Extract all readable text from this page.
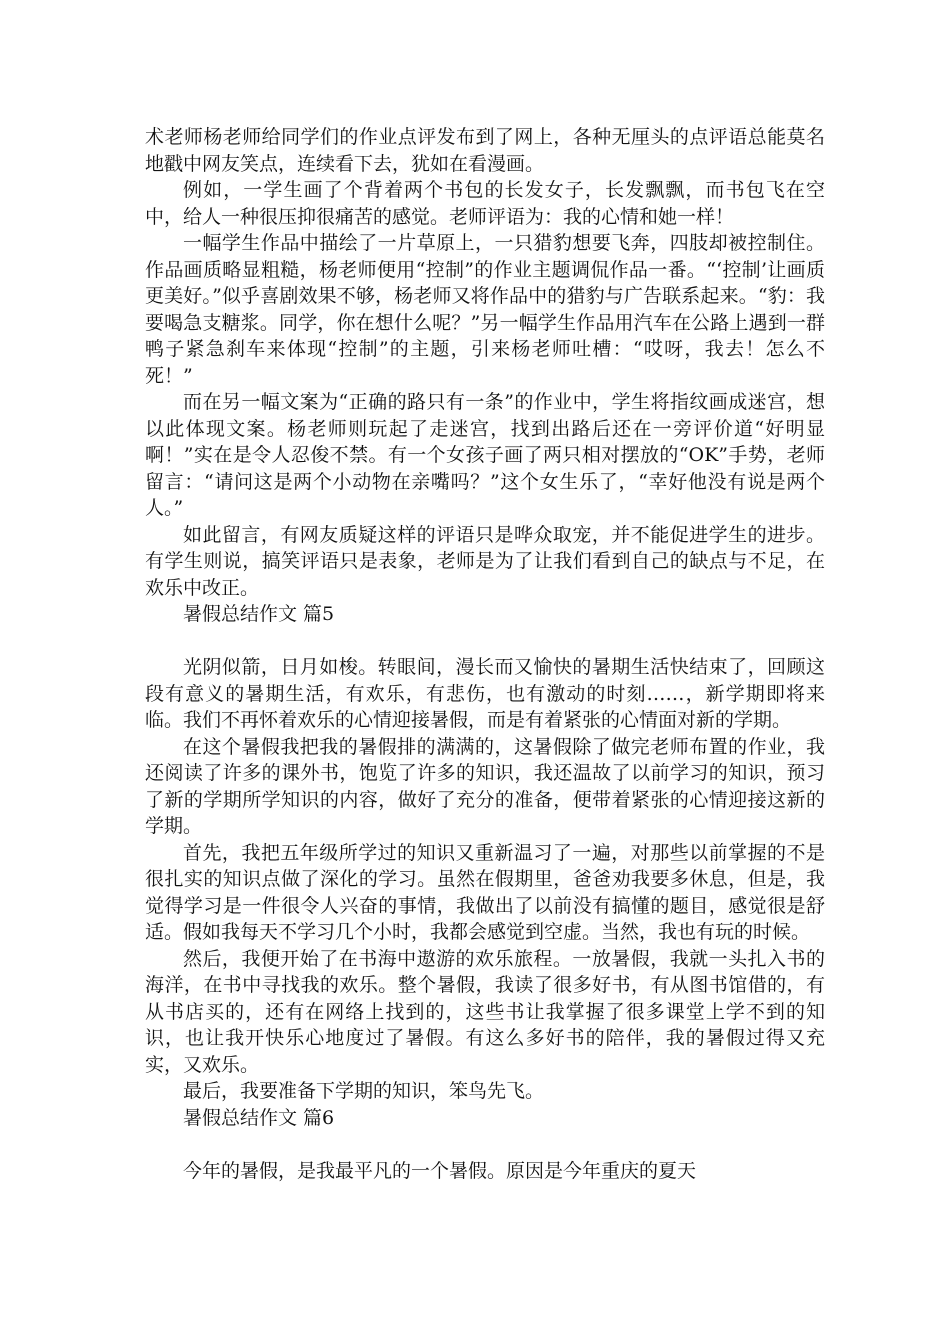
术老师杨老师给同学们的作业点评发布到了网上，各种无厘头的点评语总能莫名地戳中网友笑点，连续看下去，犹如在看漫画。

例如，一学生画了个背着两个书包的长发女子，长发飘飘，而书包飞在空中，给人一种很压抑很痛苦的感觉。老师评语为：我的心情和她一样！

一幅学生作品中描绘了一片草原上，一只猎豹想要飞奔，四肢却被控制住。作品画质略显粗糙，杨老师便用“控制”的作业主题调侃作品一番。“‘控制’让画质更美好。”似乎喜剧效果不够，杨老师又将作品中的猎豹与广告联系起来。“豹：我要喝急支糖浆。同学，你在想什么呢？”另一幅学生作品用汽车在公路上遇到一群鸭子紧急刹车来体现“控制”的主题，引来杨老师吐槽：“哎呀，我去！怎么不死！”

而在另一幅文案为“正确的路只有一条”的作业中，学生将指纹画成迷宫，想以此体现文案。杨老师则玩起了走迷宫，找到出路后还在一旁评价道“好明显啊！”实在是令人忍俊不禁。有一个女孩子画了两只相对摆放的“OK”手势，老师留言：“请问这是两个小动物在亲嘴吗？”这个女生乐了，“幸好他没有说是两个人。”

如此留言，有网友质疑这样的评语只是哗众取宠，并不能促进学生的进步。有学生则说，搞笑评语只是表象，老师是为了让我们看到自己的缺点与不足，在欢乐中改正。

暑假总结作文 篇5

光阴似箭，日月如梭。转眼间，漫长而又愉快的暑期生活快结束了，回顾这段有意义的暑期生活，有欢乐，有悲伤，也有激动的时刻……，新学期即将来临。我们不再怀着欢乐的心情迎接暑假，而是有着紧张的心情面对新的学期。

在这个暑假我把我的暑假排的满满的，这暑假除了做完老师布置的作业，我还阅读了许多的课外书，饱览了许多的知识，我还温故了以前学习的知识，预习了新的学期所学知识的内容，做好了充分的准备，便带着紧张的心情迎接这新的学期。

首先，我把五年级所学过的知识又重新温习了一遍，对那些以前掌握的不是很扎实的知识点做了深化的学习。虽然在假期里，爸爸劝我要多休息，但是，我觉得学习是一件很令人兴奋的事情，我做出了以前没有搞懂的题目，感觉很是舒适。假如我每天不学习几个小时，我都会感觉到空虚。当然，我也有玩的时候。

然后，我便开始了在书海中遨游的欢乐旅程。一放暑假，我就一头扎入书的海洋，在书中寻找我的欢乐。整个暑假，我读了很多好书，有从图书馆借的，有从书店买的，还有在网络上找到的，这些书让我掌握了很多课堂上学不到的知识，也让我开快乐心地度过了暑假。有这么多好书的陪伴，我的暑假过得又充实，又欢乐。

最后，我要准备下学期的知识，笨鸟先飞。

暑假总结作文 篇6

今年的暑假，是我最平凡的一个暑假。原因是今年重庆的夏天
